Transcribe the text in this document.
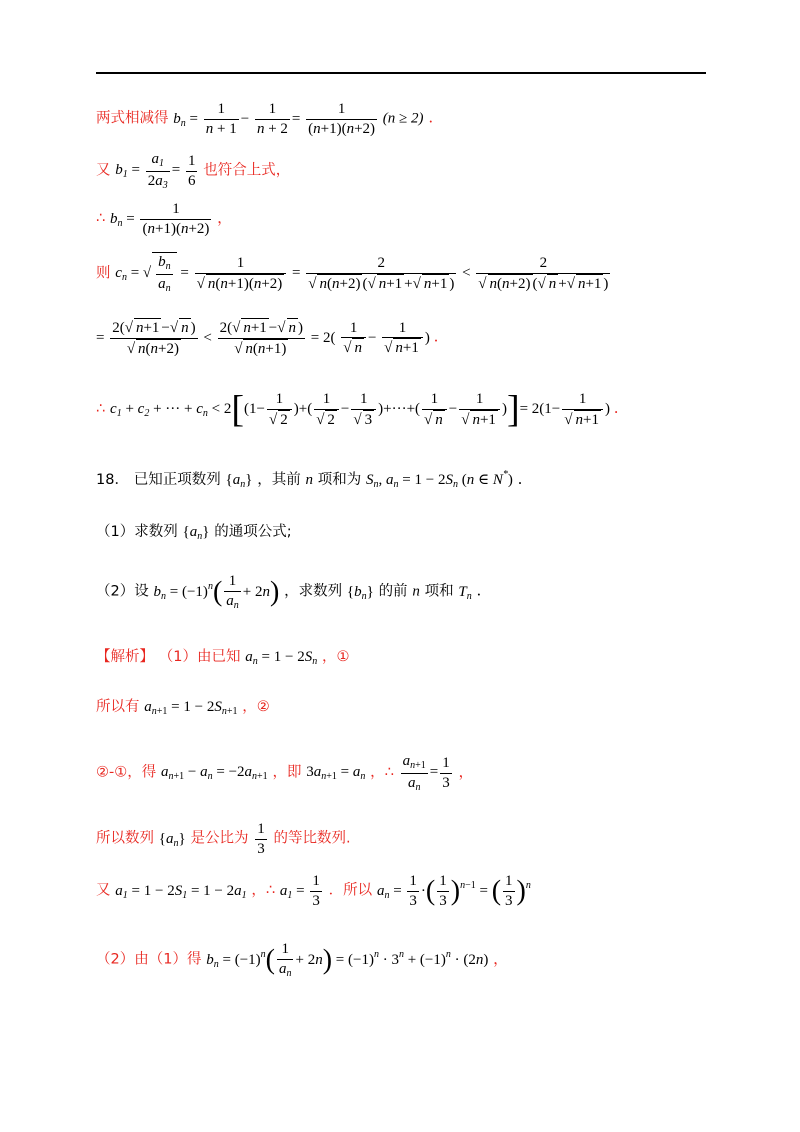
两式相减得 $b_n = \frac{1}{n + 1} - \frac{1}{n + 2} = \frac{1}{(n+1)(n+2)} (n \ge 2)$ .
又 $b_1 = \frac{a_1}{2a_3} = \frac{1}{6}$ 也符合上式，
∴ $b_n = \frac{1}{(n+1)(n+2)}$ ，
则 $c_n$ = √ $\frac{b_n}{a_n} = 1$
√ n(n+1)(n+2) = 2
√ n(n+2) ( √ n+1 + √ n+1 ) < 2
√ n(n+2) ( √ n + √ n+1 )
= 2( √ n+1 − √ n )
√ n(n+2) < 2( √ n+1 − √ n )
√ n(n+1) = 2( 1
√ n − 1
√ n+1 ) .
∴ $c_1 + c_2$ + ··· + $c_n < 2[(1- 1$
√ 2 )+( 1
√ 2 − 1
√ 3 )+···+( 1
√ n − 1
√ n+1 )]= 2(1− 1
√ n+1 ) .
18． 已知正项数列 $\{a_n\}$ ，其前 n 项和为 $S_n$, $a_n = 1 - 2S_n$ (n ∈ N*) .
（1）求数列 $\{a_n\}$ 的通项公式;
（2）设 $b_n = (-1)^n( \frac{1}{a_n} + 2n)$ ，求数列 $\{b_n\}$ 的前 n 项和 $T_n$ .
【解析】 （1）由已知 $a_n = 1 - 2S_n$ ，①
所以有 $a_{n+1} = 1 - 2S_{n+1}$ ，②
②-①，得 $a_{n+1} - a_n = -2a_{n+1}$ ，即 $3a_{n+1} = a_n$ ，∴ $\frac{a_{n+1}}{a_n} = \frac{1}{3}$ ，
所以数列 $\{a_n\}$ 是公比为 $\frac{1}{3}$ 的等比数列.
又 $a_1 = 1 - 2S_1 = 1 - 2a_1$ ，∴ $a_1 = \frac{1}{3}$ ．所以 $a_n = \frac{1}{3}$ ·( $\frac{1}{3} )^{n-1}$ = ( $\frac{1}{3} )^n$
（2）由（1）得 $b_n = (-1)^n( \frac{1}{a_n} + 2n) = (-1)^n \cdot 3^n + (-1)^n \cdot (2n)$ ，
